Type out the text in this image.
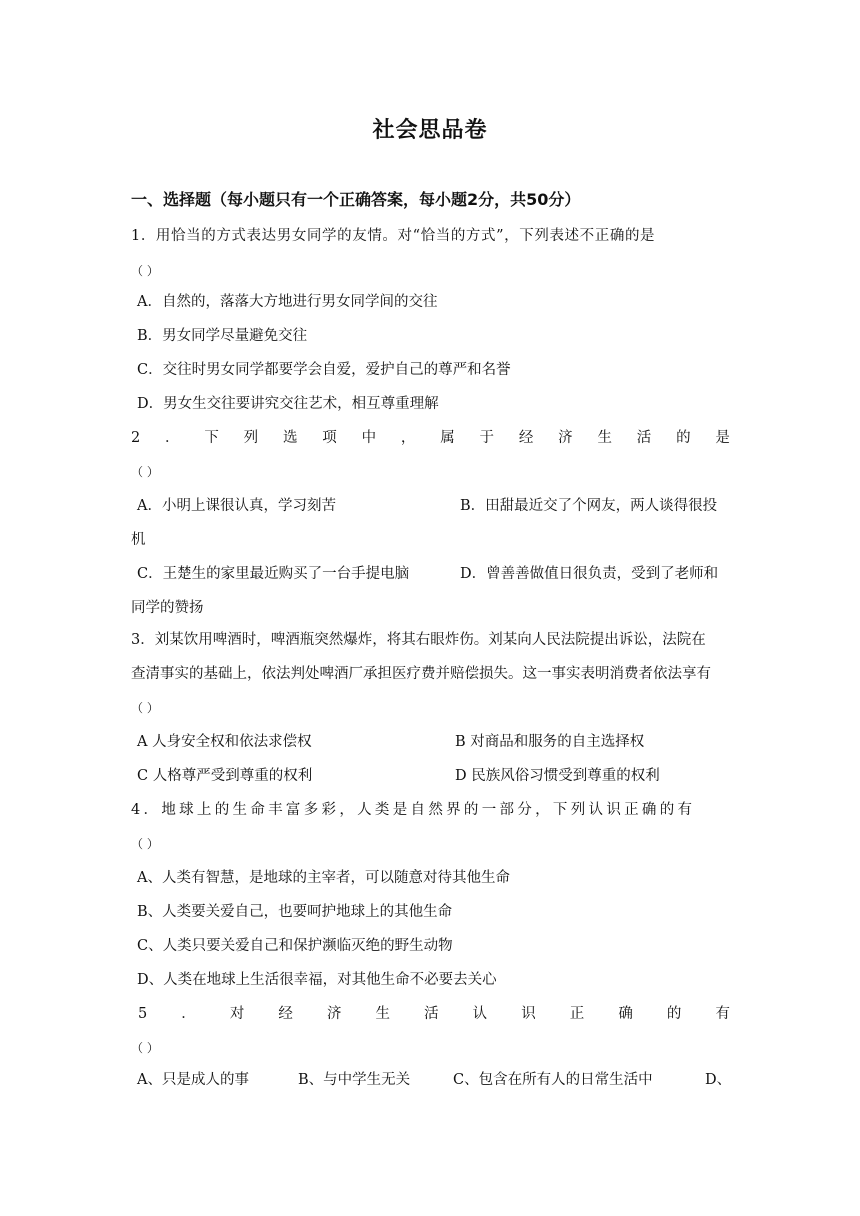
社会思品卷
一、选择题（每小题只有一个正确答案，每小题2分，共50分）
1．用恰当的方式表达男女同学的友情。对“恰当的方式”，下列表述不正确的是
（ ）
A．自然的，落落大方地进行男女同学间的交往
B．男女同学尽量避免交往
C．交往时男女同学都要学会自爱，爱护自己的尊严和名誉
D．男女生交往要讲究交往艺术，相互尊重理解
2 ． 下 列 选 项 中 ， 属 于 经 济 生 活 的 是
（ ）
A．小明上课很认真，学习刻苦	B．田甜最近交了个网友，两人谈得很投
机
C．王楚生的家里最近购买了一台手提电脑	D．曾善善做值日很负责，受到了老师和
同学的赞扬
3．刘某饮用啤酒时，啤酒瓶突然爆炸，将其右眼炸伤。刘某向人民法院提出诉讼，法院在
查清事实的基础上，依法判处啤酒厂承担医疗费并赔偿损失。这一事实表明消费者依法享有
（ ）
A 人身安全权和依法求偿权	B 对商品和服务的自主选择权
C 人格尊严受到尊重的权利	D 民族风俗习惯受到尊重的权利
4．地球上的生命丰富多彩，人类是自然界的一部分，下列认识正确的有
（ ）
A、人类有智慧，是地球的主宰者，可以随意对待其他生命
B、人类要关爱自己，也要呵护地球上的其他生命
C、人类只要关爱自己和保护濒临灭绝的野生动物
D、人类在地球上生活很幸福，对其他生命不必要去关心
5 ． 对 经 济 生 活 认 识 正 确 的 有
（ ）
A、只是成人的事	B、与中学生无关	C、包含在所有人的日常生活中	D、
